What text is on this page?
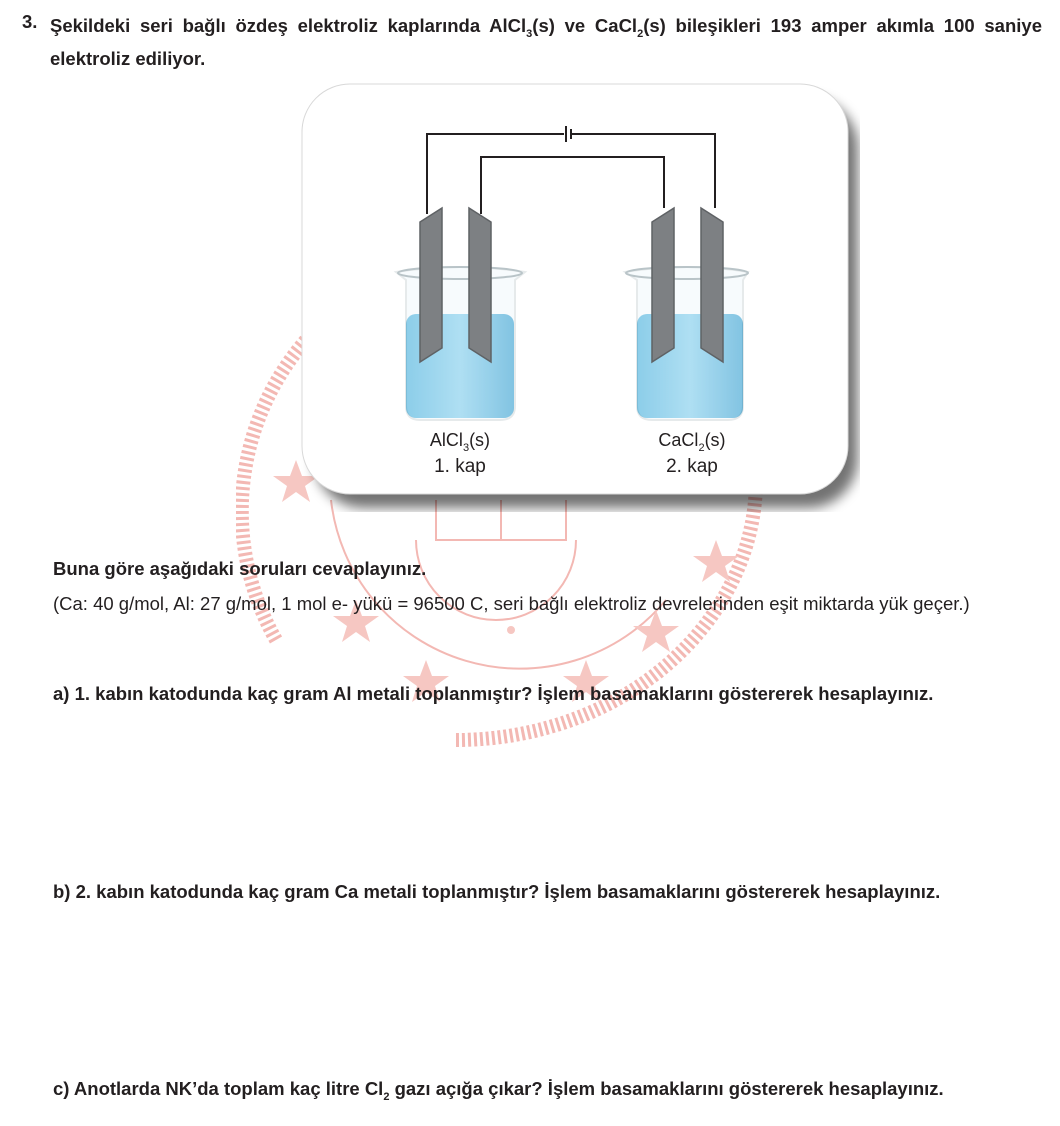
3. Şekildeki seri bağlı özdeş elektroliz kaplarında AlCl$_3$(s) ve CaCl$_2$(s) bileşikleri 193 amper akımla 100 saniye elektroliz ediliyor.
AlCl$_3$(s)
1. kap
CaCl$_2$(s)
2. kap
Buna göre aşağıdaki soruları cevaplayınız.
(Ca: 40 g/mol, Al: 27 g/mol, 1 mol e- yükü = 96500 C, seri bağlı elektroliz devrelerinden eşit miktarda yük geçer.)
a) 1. kabın katodunda kaç gram Al metali toplanmıştır? İşlem basamaklarını göstererek hesaplayınız.
b) 2. kabın katodunda kaç gram Ca metali toplanmıştır? İşlem basamaklarını göstererek hesaplayınız.
c) Anotlarda NK’da toplam kaç litre $Cl_2$ gazı açığa çıkar? İşlem basamaklarını göstererek hesaplayınız.
